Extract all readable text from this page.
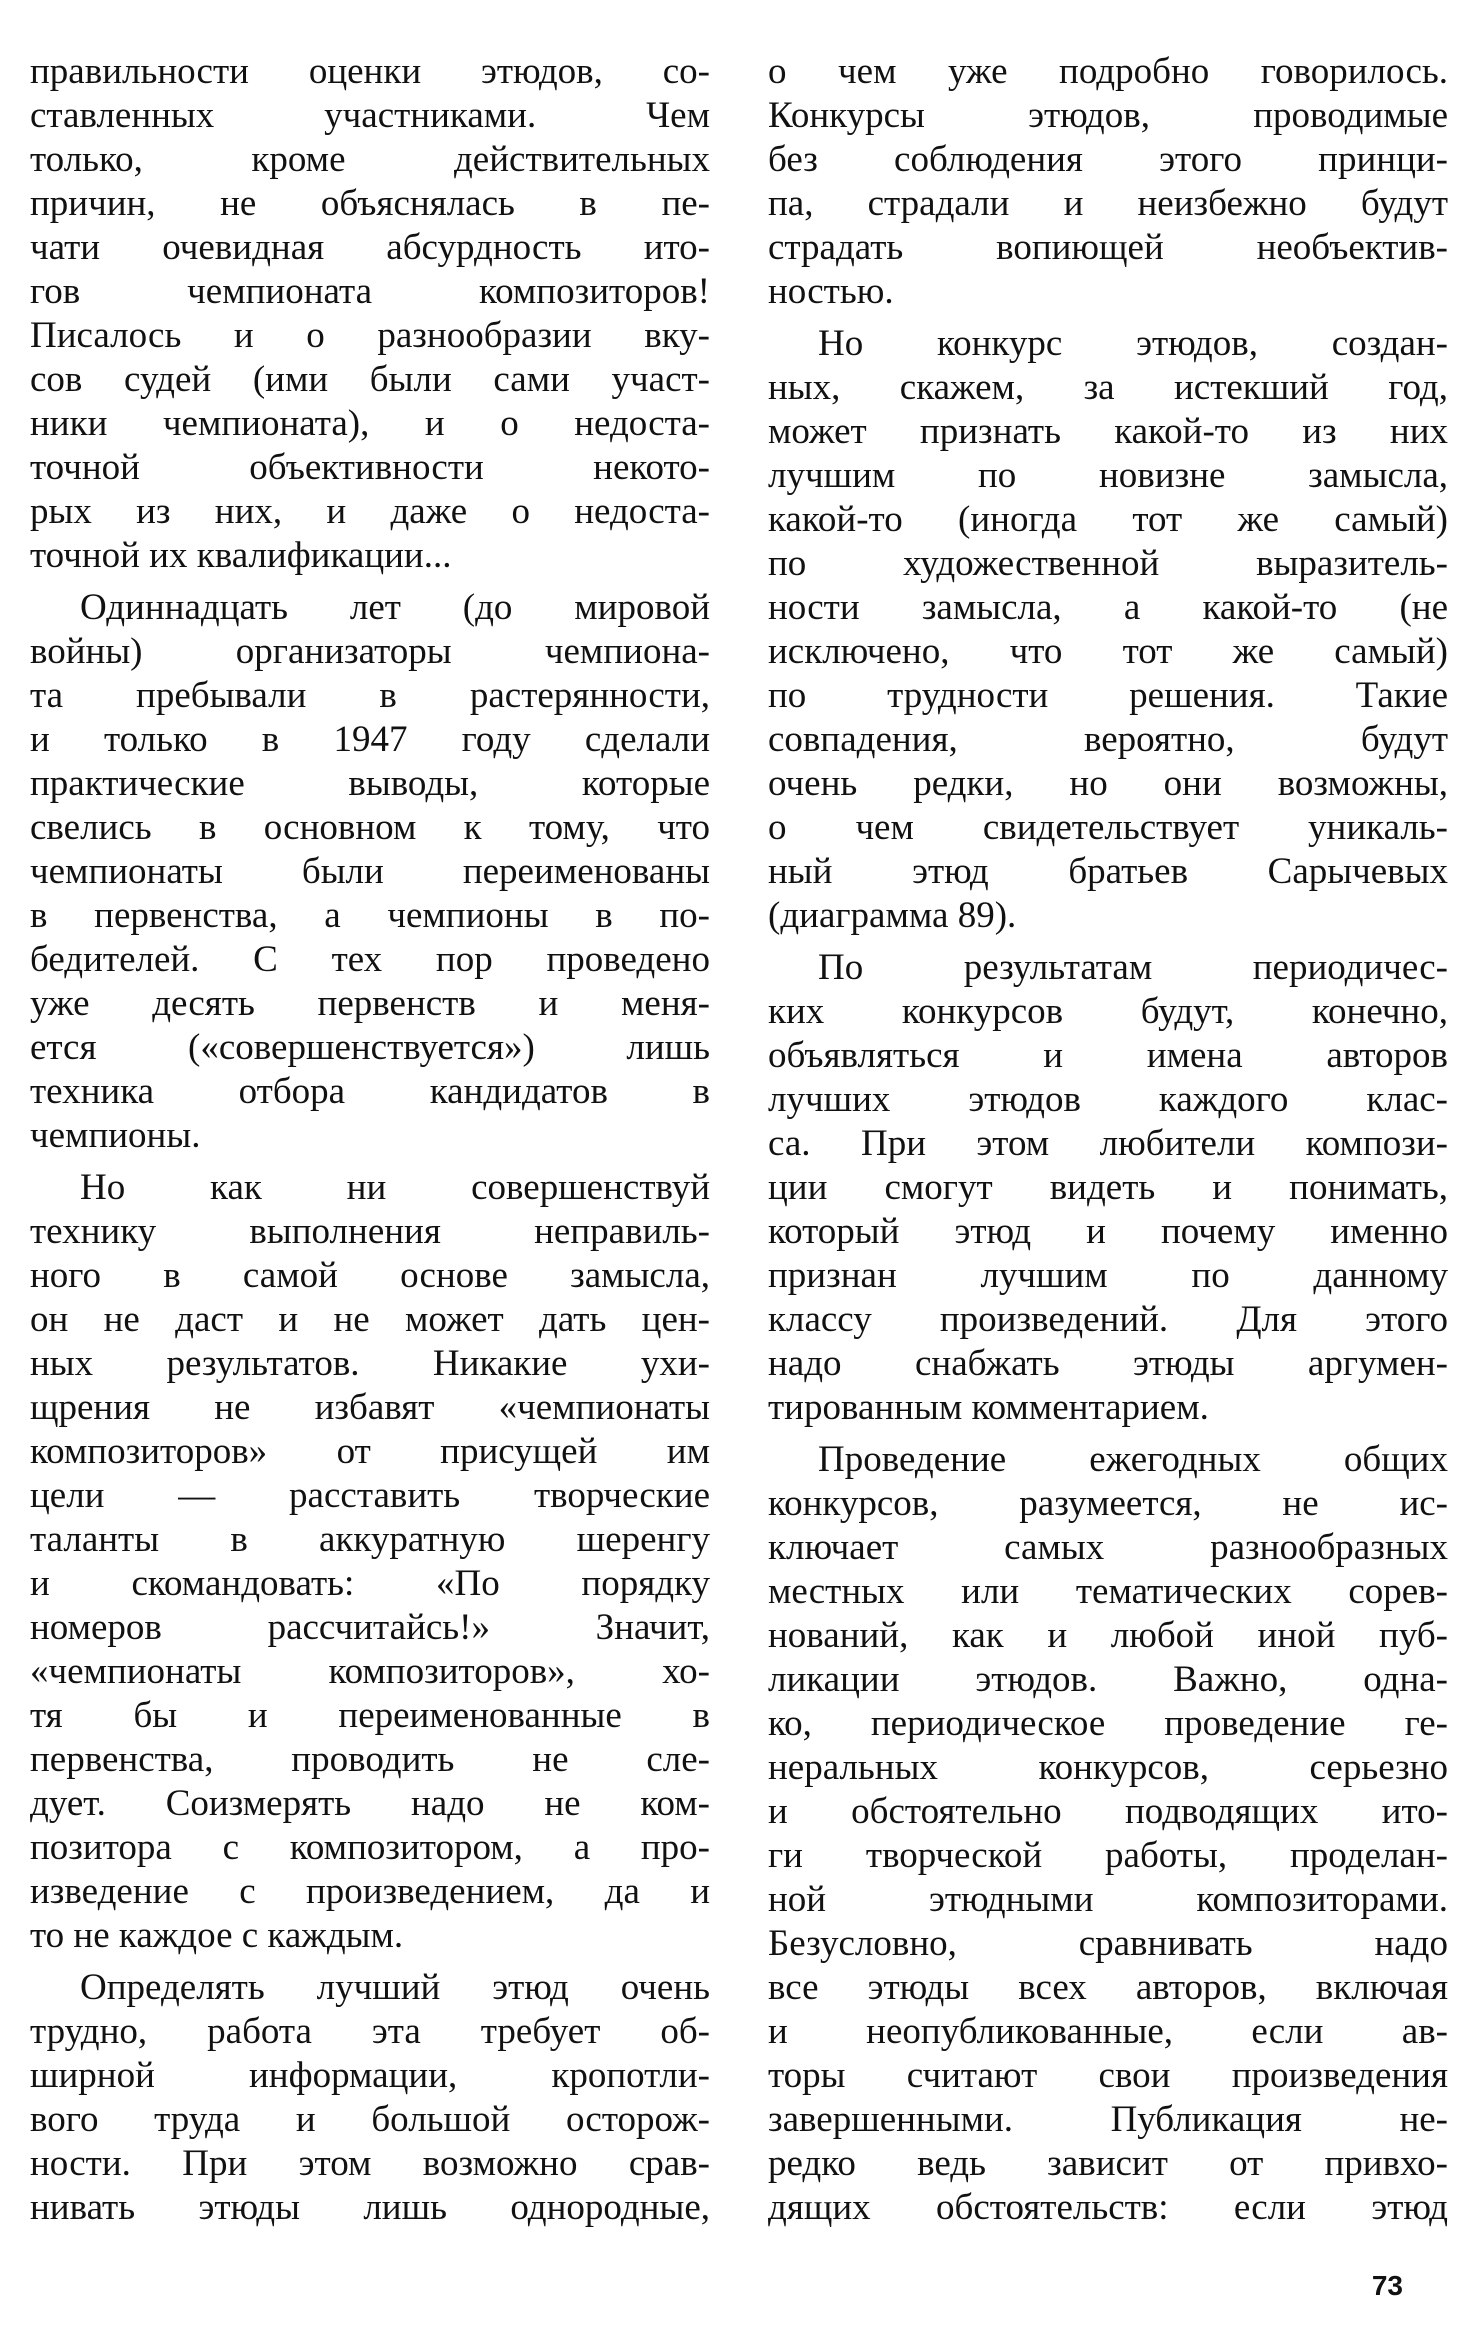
правильности оценки этюдов, со-
ставленных участниками. Чем
только, кроме действительных
причин, не объяснялась в пе-
чати очевидная абсурдность ито-
гов чемпионата композиторов!
Писалось и о разнообразии вку-
сов судей (ими были сами участ-
ники чемпионата), и о недоста-
точной объективности некото-
рых из них, и даже о недоста-
точной их квалификации...
Одиннадцать лет (до мировой
войны) организаторы чемпиона-
та пребывали в растерянности,
и только в 1947 году сделали
практические выводы, которые
свелись в основном к тому, что
чемпионаты были переименованы
в первенства, а чемпионы в по-
бедителей. С тех пор проведено
уже десять первенств и меня-
ется («совершенствуется») лишь
техника отбора кандидатов в
чемпионы.
Но как ни совершенствуй
технику выполнения неправиль-
ного в самой основе замысла,
он не даст и не может дать цен-
ных результатов. Никакие ухи-
щрения не избавят «чемпионаты
композиторов» от присущей им
цели — расставить творческие
таланты в аккуратную шеренгу
и скомандовать: «По порядку
номеров рассчитайсь!» Значит,
«чемпионаты композиторов», хо-
тя бы и переименованные в
первенства, проводить не сле-
дует. Соизмерять надо не ком-
позитора с композитором, а про-
изведение с произведением, да и
то не каждое с каждым.
Определять лучший этюд очень
трудно, работа эта требует об-
ширной информации, кропотли-
вого труда и большой осторож-
ности. При этом возможно срав-
нивать этюды лишь однородные,
о чем уже подробно говорилось.
Конкурсы этюдов, проводимые
без соблюдения этого принци-
па, страдали и неизбежно будут
страдать вопиющей необъектив-
ностью.
Но конкурс этюдов, создан-
ных, скажем, за истекший год,
может признать какой-то из них
лучшим по новизне замысла,
какой-то (иногда тот же самый)
по художественной выразитель-
ности замысла, а какой-то (не
исключено, что тот же самый)
по трудности решения. Такие
совпадения, вероятно, будут
очень редки, но они возможны,
о чем свидетельствует уникаль-
ный этюд братьев Сарычевых
(диаграмма 89).
По результатам периодичес-
ких конкурсов будут, конечно,
объявляться и имена авторов
лучших этюдов каждого клас-
са. При этом любители компози-
ции смогут видеть и понимать,
который этюд и почему именно
признан лучшим по данному
классу произведений. Для этого
надо снабжать этюды аргумен-
тированным комментарием.
Проведение ежегодных общих
конкурсов, разумеется, не ис-
ключает самых разнообразных
местных или тематических сорев-
нований, как и любой иной пуб-
ликации этюдов. Важно, одна-
ко, периодическое проведение ге-
неральных конкурсов, серьезно
и обстоятельно подводящих ито-
ги творческой работы, проделан-
ной этюдными композиторами.
Безусловно, сравнивать надо
все этюды всех авторов, включая
и неопубликованные, если ав-
торы считают свои произведения
завершенными. Публикация не-
редко ведь зависит от привхо-
дящих обстоятельств: если этюд
73
